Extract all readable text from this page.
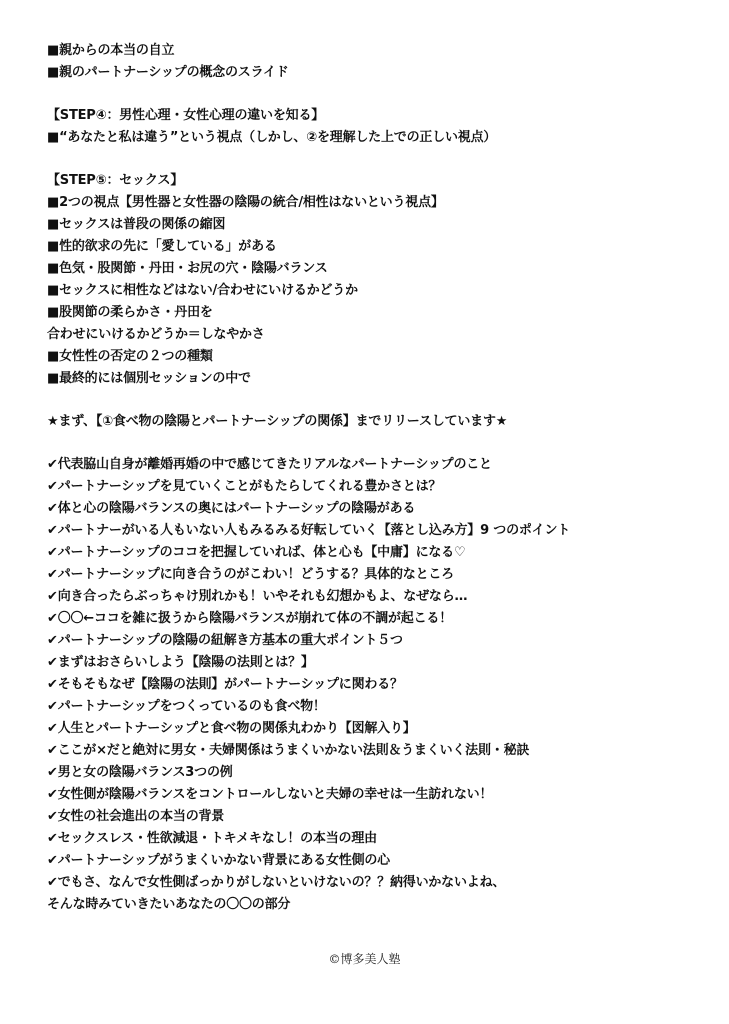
■親からの本当の自立
■親のパートナーシップの概念のスライド
【STEP④：男性心理・女性心理の違いを知る】
■“あなたと私は違う”という視点（しかし、②を理解した上での正しい視点）
【STEP⑤：セックス】
■2つの視点【男性器と女性器の陰陽の統合/相性はないという視点】
■セックスは普段の関係の縮図
■性的欲求の先に「愛している」がある
■色気・股関節・丹田・お尻の穴・陰陽バランス
■セックスに相性などはない/合わせにいけるかどうか
■股関節の柔らかさ・丹田を
合わせにいけるかどうか＝しなやかさ
■女性性の否定の２つの種類
■最終的には個別セッションの中で
★まず、【①食べ物の陰陽とパートナーシップの関係】までリリースしています★
✔代表脇山自身が離婚再婚の中で感じてきたリアルなパートナーシップのこと
✔パートナーシップを見ていくことがもたらしてくれる豊かさとは？
✔体と心の陰陽バランスの奥にはパートナーシップの陰陽がある
✔パートナーがいる人もいない人もみるみる好転していく【落とし込み方】9 つのポイント
✔パートナーシップのココを把握していれば、体と心も【中庸】になる♡
✔パートナーシップに向き合うのがこわい！どうする？具体的なところ
✔向き合ったらぶっちゃけ別れかも！いやそれも幻想かもよ、なぜなら…
✔〇〇←ココを雑に扱うから陰陽バランスが崩れて体の不調が起こる！
✔パートナーシップの陰陽の紐解き方基本の重大ポイント５つ
✔まずはおさらいしよう【陰陽の法則とは？】
✔そもそもなぜ【陰陽の法則】がパートナーシップに関わる？
✔パートナーシップをつくっているのも食べ物！
✔人生とパートナーシップと食べ物の関係丸わかり【図解入り】
✔ここが×だと絶対に男女・夫婦関係はうまくいかない法則＆うまくいく法則・秘訣
✔男と女の陰陽バランス3つの例
✔女性側が陰陽バランスをコントロールしないと夫婦の幸せは一生訪れない！
✔女性の社会進出の本当の背景
✔セックスレス・性欲減退・トキメキなし！の本当の理由
✔パートナーシップがうまくいかない背景にある女性側の心
✔でもさ、なんで女性側ばっかりがしないといけないの？？納得いかないよね、
そんな時みていきたいあなたの〇〇の部分
©博多美人塾
